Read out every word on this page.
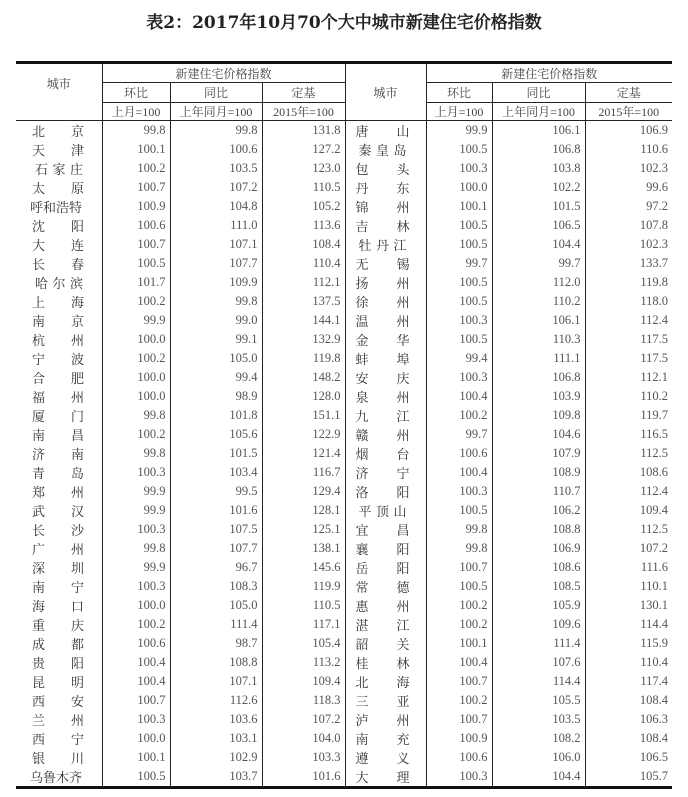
表2：2017年10月70个大中城市新建住宅价格指数
城市	新建住宅价格指数			城市	新建住宅价格指数		
	环比	同比	定基		环比	同比	定基
	上月=100	上年同月=100	2015年=100		上月=100	上年同月=100	2015年=100
北京	99.8	99.8	131.8	唐山	99.9	106.1	106.9
天津	100.1	100.6	127.2	秦皇岛	100.5	106.8	110.6
石家庄	100.2	103.5	123.0	包头	100.3	103.8	102.3
太原	100.7	107.2	110.5	丹东	100.0	102.2	99.6
呼和浩特	100.9	104.8	105.2	锦州	100.1	101.5	97.2
沈阳	100.6	111.0	113.6	吉林	100.5	106.5	107.8
大连	100.7	107.1	108.4	牡丹江	100.5	104.4	102.3
长春	100.5	107.7	110.4	无锡	99.7	99.7	133.7
哈尔滨	101.7	109.9	112.1	扬州	100.5	112.0	119.8
上海	100.2	99.8	137.5	徐州	100.5	110.2	118.0
南京	99.9	99.0	144.1	温州	100.3	106.1	112.4
杭州	100.0	99.1	132.9	金华	100.5	110.3	117.5
宁波	100.2	105.0	119.8	蚌埠	99.4	111.1	117.5
合肥	100.0	99.4	148.2	安庆	100.3	106.8	112.1
福州	100.0	98.9	128.0	泉州	100.4	103.9	110.2
厦门	99.8	101.8	151.1	九江	100.2	109.8	119.7
南昌	100.2	105.6	122.9	赣州	99.7	104.6	116.5
济南	99.8	101.5	121.4	烟台	100.6	107.9	112.5
青岛	100.3	103.4	116.7	济宁	100.4	108.9	108.6
郑州	99.9	99.5	129.4	洛阳	100.3	110.7	112.4
武汉	99.9	101.6	128.1	平顶山	100.5	106.2	109.4
长沙	100.3	107.5	125.1	宜昌	99.8	108.8	112.5
广州	99.8	107.7	138.1	襄阳	99.8	106.9	107.2
深圳	99.9	96.7	145.6	岳阳	100.7	108.6	111.6
南宁	100.3	108.3	119.9	常德	100.5	108.5	110.1
海口	100.0	105.0	110.5	惠州	100.2	105.9	130.1
重庆	100.2	111.4	117.1	湛江	100.2	109.6	114.4
成都	100.6	98.7	105.4	韶关	100.1	111.4	115.9
贵阳	100.4	108.8	113.2	桂林	100.4	107.6	110.4
昆明	100.4	107.1	109.4	北海	100.7	114.4	117.4
西安	100.7	112.6	118.3	三亚	100.2	105.5	108.4
兰州	100.3	103.6	107.2	泸州	100.7	103.5	106.3
西宁	100.0	103.1	104.0	南充	100.9	108.2	108.4
银川	100.1	102.9	103.3	遵义	100.6	106.0	106.5
乌鲁木齐	100.5	103.7	101.6	大理	100.3	104.4	105.7
